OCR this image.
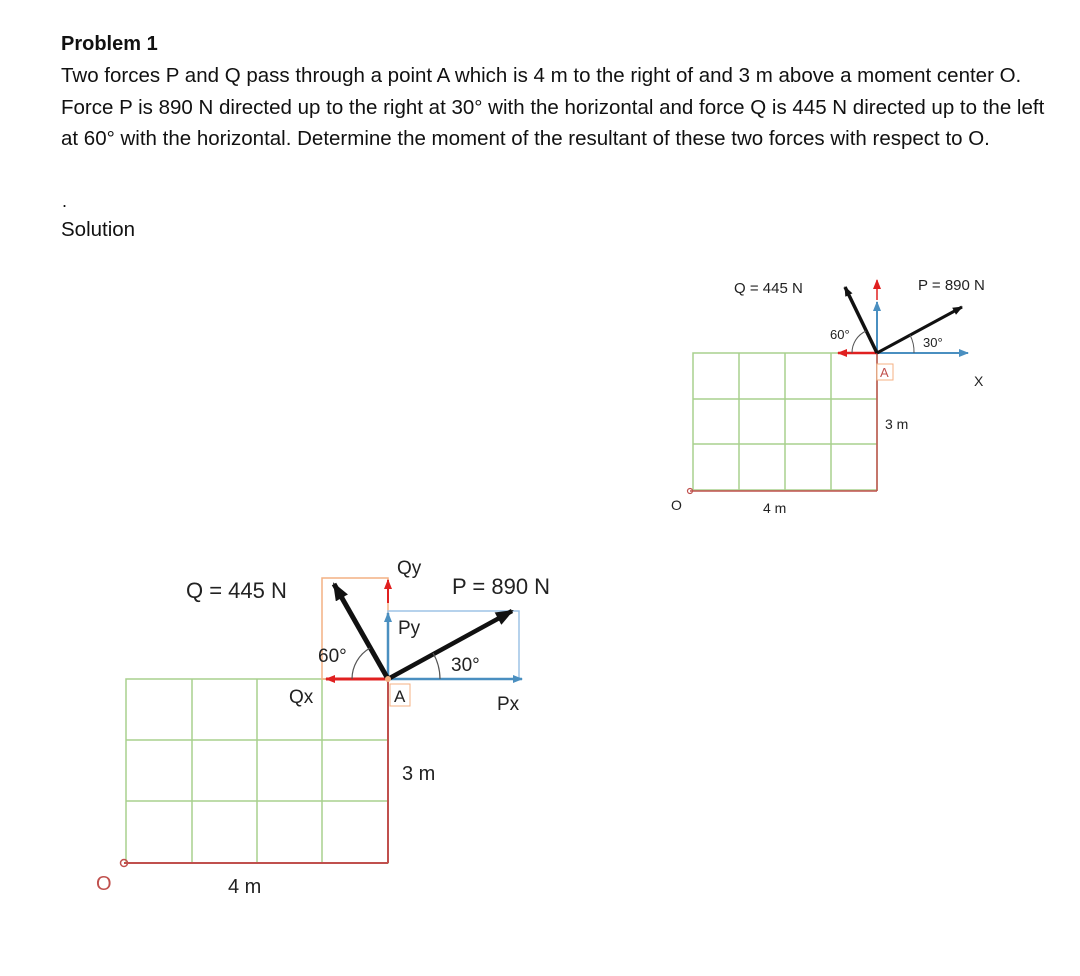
Problem 1

Two forces P and Q pass through a point A which is 4 m to the right of and 3 m above a moment center O. Force P is 890 N directed up to the right at 30° with the horizontal and force Q is 445 N directed up to the left at 60° with the horizontal. Determine the moment of the resultant of these two forces with respect to O.

.
Solution
O	4 m
3 m
A
X
60°
30°
Q = 445 N	P = 890 N
O	4 m
3 m
A
60°	30°
Q = 445 N	P = 890 N
Qy
Py
Qx	Px
